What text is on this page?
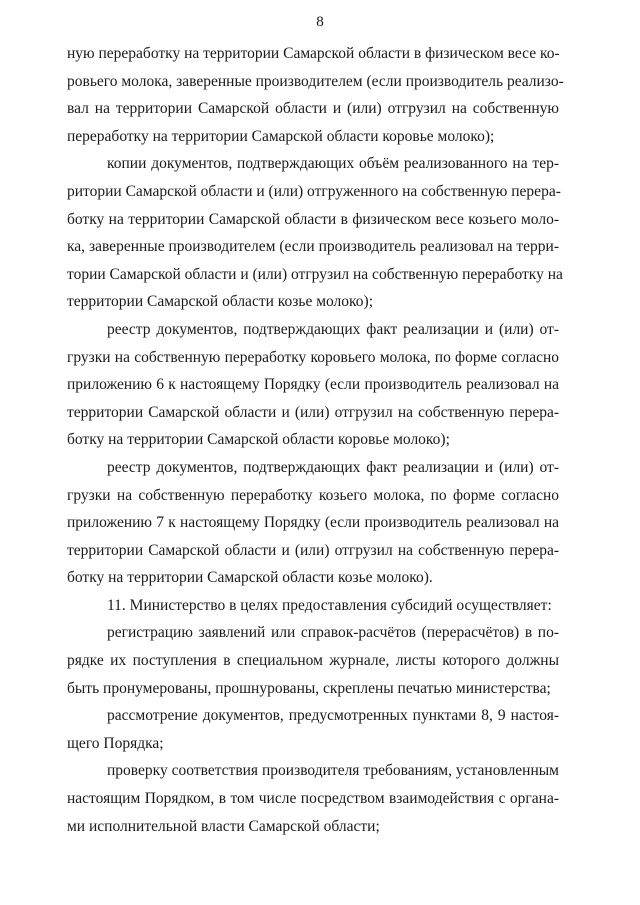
8

ную переработку на территории Самарской области в физическом весе ко-
ровьего молока, заверенные производителем (если производитель реализо-
вал на территории Самарской области и (или) отгрузил на собственную
переработку на территории Самарской области коровье молоко);

копии документов, подтверждающих объём реализованного на тер-
ритории Самарской области и (или) отгруженного на собственную перера-
ботку на территории Самарской области в физическом весе козьего моло-
ка, заверенные производителем (если производитель реализовал на терри-
тории Самарской области и (или) отгрузил на собственную переработку на
территории Самарской области козье молоко);

реестр документов, подтверждающих факт реализации и (или) от-
грузки на собственную переработку коровьего молока, по форме согласно
приложению 6 к настоящему Порядку (если производитель реализовал на
территории Самарской области и (или) отгрузил на собственную перера-
ботку на территории Самарской области коровье молоко);

реестр документов, подтверждающих факт реализации и (или) от-
грузки на собственную переработку козьего молока, по форме согласно
приложению 7 к настоящему Порядку (если производитель реализовал на
территории Самарской области и (или) отгрузил на собственную перера-
ботку на территории Самарской области козье молоко).

11. Министерство в целях предоставления субсидий осуществляет:

регистрацию заявлений или справок-расчётов (перерасчётов) в по-
рядке их поступления в специальном журнале, листы которого должны
быть пронумерованы, прошнурованы, скреплены печатью министерства;

рассмотрение документов, предусмотренных пунктами 8, 9 настоя-
щего Порядка;

проверку соответствия производителя требованиям, установленным
настоящим Порядком, в том числе посредством взаимодействия с органа-
ми исполнительной власти Самарской области;
